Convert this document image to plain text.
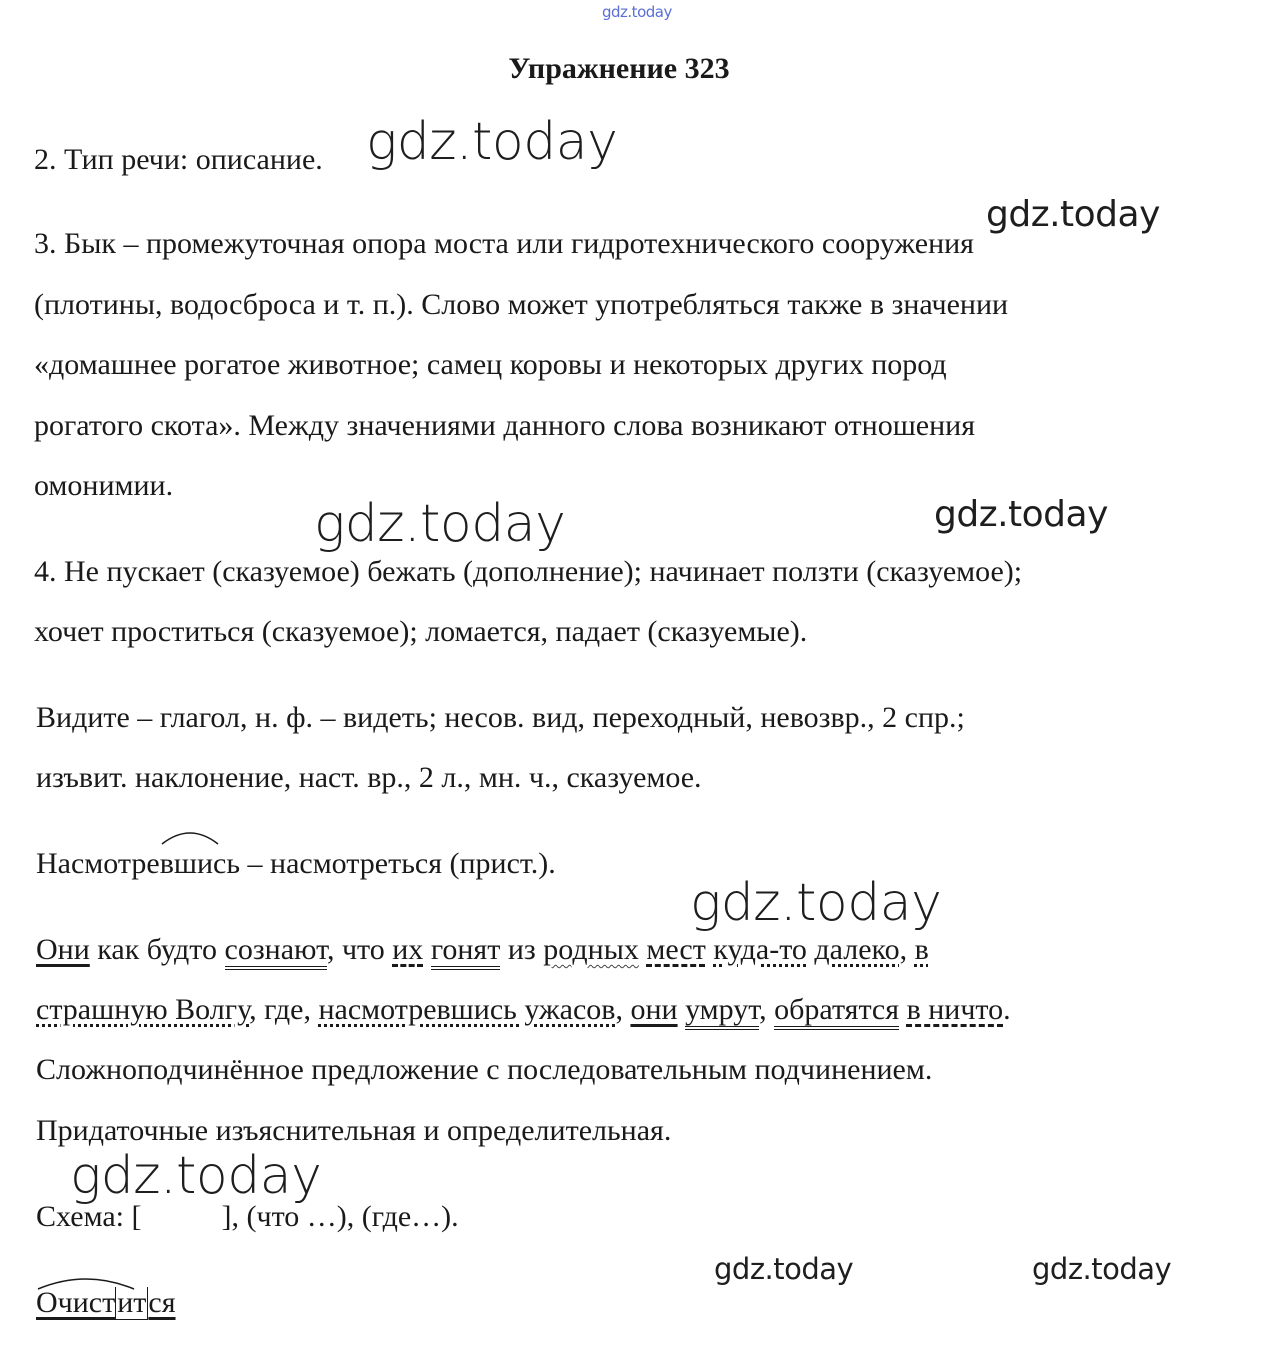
gdz.today
gdz.today
gdz.today
gdz.today	gdz.today
gdz.today
gdz.today
gdz.today	gdz.today
Упражнение 323
2. Тип речи: описание.
3. Бык – промежуточная опора моста или гидротехнического сооружения
(плотины, водосброса и т. п.). Слово может употребляться также в значении
«домашнее рогатое животное; самец коровы и некоторых других пород
рогатого скота». Между значениями данного слова возникают отношения
омонимии.
4. Не пускает (сказуемое) бежать (дополнение); начинает ползти (сказуемое);
хочет проститься (сказуемое); ломается, падает (сказуемые).
Видите – глагол, н. ф. – видеть; несов. вид, переходный, невозвр., 2 спр.;
изъвит. наклонение, наст. вр., 2 л., мн. ч., сказуемое.
Насмотре
вшись – насмотреться (прист.).
Они как будто сознают, что их гонят из родных мест куда-то далеко, в
страшную Волгу, где, насмотревшись ужасов, они умрут, обратятся в ничто.
Сложноподчинённое предложение с последовательным подчинением.
Придаточные изъяснительная и определительная.
Схема: [	], (что …), (где…).
Очистится
